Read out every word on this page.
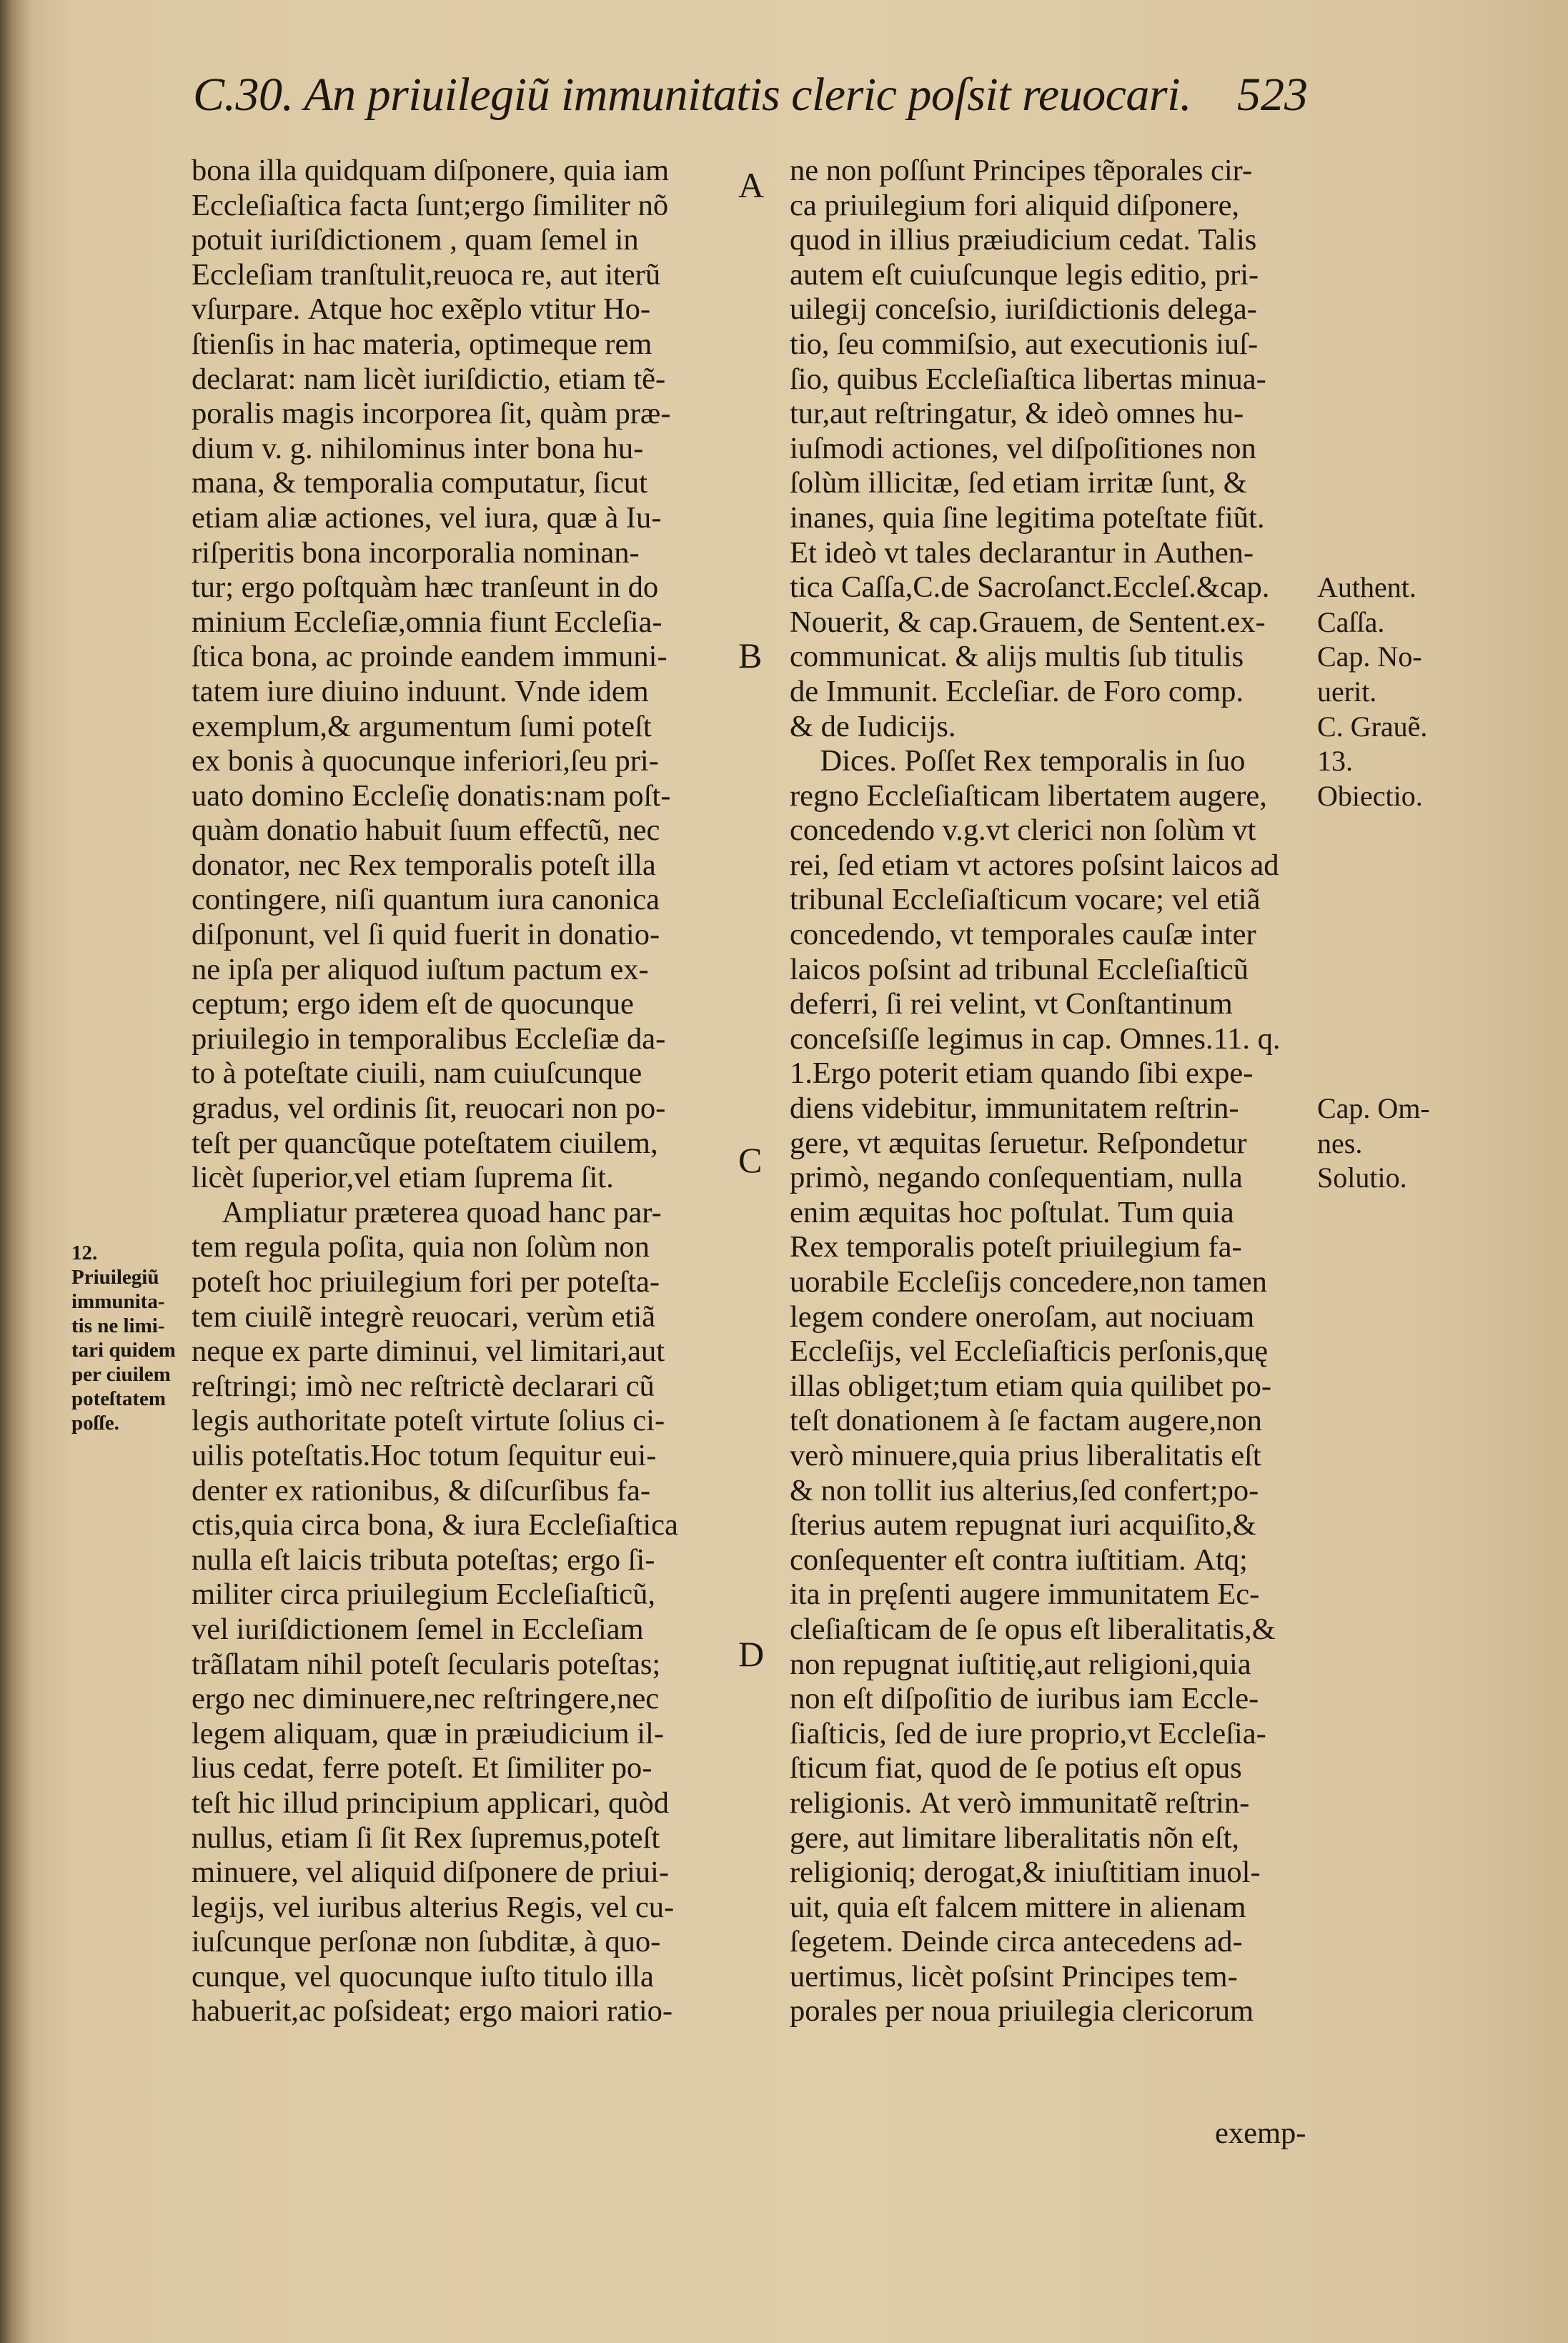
C.30. An priuilegiũ immunitatis cleric poſsit reuocari. 523
bona illa quidquam diſponere, quia iam
Eccleſiaſtica facta ſunt;ergo ſimiliter nõ
potuit iuriſdictionem , quam ſemel in
Eccleſiam tranſtulit,reuoca re, aut iterũ
vſurpare. Atque hoc exẽplo vtitur Ho-
ſtienſis in hac materia, optimeque rem
declarat: nam licèt iuriſdictio, etiam tẽ-
poralis magis incorporea ſit, quàm præ-
dium v. g. nihilominus inter bona hu-
mana, & temporalia computatur, ſicut
etiam aliæ actiones, vel iura, quæ à Iu-
riſperitis bona incorporalia nominan-
tur; ergo poſtquàm hæc tranſeunt in do
minium Eccleſiæ,omnia fiunt Eccleſia-
ſtica bona, ac proinde eandem immuni-
tatem iure diuino induunt. Vnde idem
exemplum,& argumentum ſumi poteſt
ex bonis à quocunque inferiori,ſeu pri-
uato domino Eccleſię donatis:nam poſt-
quàm donatio habuit ſuum effectũ, nec
donator, nec Rex temporalis poteſt illa
contingere, niſi quantum iura canonica
diſponunt, vel ſi quid fuerit in donatio-
ne ipſa per aliquod iuſtum pactum ex-
ceptum; ergo idem eſt de quocunque
priuilegio in temporalibus Eccleſiæ da-
to à poteſtate ciuili, nam cuiuſcunque
gradus, vel ordinis ſit, reuocari non po-
teſt per quancũque poteſtatem ciuilem,
licèt ſuperior,vel etiam ſuprema ſit.
Ampliatur præterea quoad hanc par-
tem regula poſita, quia non ſolùm non
poteſt hoc priuilegium fori per poteſta-
tem ciuilẽ integrè reuocari, verùm etiã
neque ex parte diminui, vel limitari,aut
reſtringi; imò nec reſtrictè declarari cũ
legis authoritate poteſt virtute ſolius ci-
uilis poteſtatis.Hoc totum ſequitur eui-
denter ex rationibus, & diſcurſibus fa-
ctis,quia circa bona, & iura Eccleſiaſtica
nulla eſt laicis tributa poteſtas; ergo ſi-
militer circa priuilegium Eccleſiaſticũ,
vel iuriſdictionem ſemel in Eccleſiam
trãſlatam nihil poteſt ſecularis poteſtas;
ergo nec diminuere,nec reſtringere,nec
legem aliquam, quæ in præiudicium il-
lius cedat, ferre poteſt. Et ſimiliter po-
teſt hic illud principium applicari, quòd
nullus, etiam ſi ſit Rex ſupremus,poteſt
minuere, vel aliquid diſponere de priui-
legijs, vel iuribus alterius Regis, vel cu-
iuſcunque perſonæ non ſubditæ, à quo-
cunque, vel quocunque iuſto titulo illa
habuerit,ac poſsideat; ergo maiori ratio-
ne non poſſunt Principes tẽporales cir-
ca priuilegium fori aliquid diſponere,
quod in illius præiudicium cedat. Talis
autem eſt cuiuſcunque legis editio, pri-
uilegij conceſsio, iuriſdictionis delega-
tio, ſeu commiſsio, aut executionis iuſ-
ſio, quibus Eccleſiaſtica libertas minua-
tur,aut reſtringatur, & ideò omnes hu-
iuſmodi actiones, vel diſpoſitiones non
ſolùm illicitæ, ſed etiam irritæ ſunt, &
inanes, quia ſine legitima poteſtate fiũt.
Et ideò vt tales declarantur in Authen-
tica Caſſa,C.de Sacroſanct.Eccleſ.&cap.
Nouerit, & cap.Grauem, de Sentent.ex-
communicat. & alijs multis ſub titulis
de Immunit. Eccleſiar. de Foro comp.
& de Iudicijs.
Dices. Poſſet Rex temporalis in ſuo
regno Eccleſiaſticam libertatem augere,
concedendo v.g.vt clerici non ſolùm vt
rei, ſed etiam vt actores poſsint laicos ad
tribunal Eccleſiaſticum vocare; vel etiã
concedendo, vt temporales cauſæ inter
laicos poſsint ad tribunal Eccleſiaſticũ
deferri, ſi rei velint, vt Conſtantinum
conceſsiſſe legimus in cap. Omnes.11. q.
1.Ergo poterit etiam quando ſibi expe-
diens videbitur, immunitatem reſtrin-
gere, vt æquitas ſeruetur. Reſpondetur
primò, negando conſequentiam, nulla
enim æquitas hoc poſtulat. Tum quia
Rex temporalis poteſt priuilegium fa-
uorabile Eccleſijs concedere,non tamen
legem condere oneroſam, aut nociuam
Eccleſijs, vel Eccleſiaſticis perſonis,quę
illas obliget;tum etiam quia quilibet po-
teſt donationem à ſe factam augere,non
verò minuere,quia prius liberalitatis eſt
& non tollit ius alterius,ſed confert;po-
ſterius autem repugnat iuri acquiſito,&
conſequenter eſt contra iuſtitiam. Atq;
ita in pręſenti augere immunitatem Ec-
cleſiaſticam de ſe opus eſt liberalitatis,&
non repugnat iuſtitię,aut religioni,quia
non eſt diſpoſitio de iuribus iam Eccle-
ſiaſticis, ſed de iure proprio,vt Eccleſia-
ſticum fiat, quod de ſe potius eſt opus
religionis. At verò immunitatẽ reſtrin-
gere, aut limitare liberalitatis nõn eſt,
religioniq; derogat,& iniuſtitiam inuol-
uit, quia eſt falcem mittere in alienam
ſegetem. Deinde circa antecedens ad-
uertimus, licèt poſsint Principes tem-
porales per noua priuilegia clericorum
A
B
C
D
Authent.
Caſſa.
Cap. No-
uerit.
C. Grauẽ.
13.
Obiectio.
Cap. Om-
nes.
Solutio.
12.
Priuilegiũ
immunita-
tis ne limi-
tari quidem
per ciuilem
poteſtatem
poſſe.
exemp-
